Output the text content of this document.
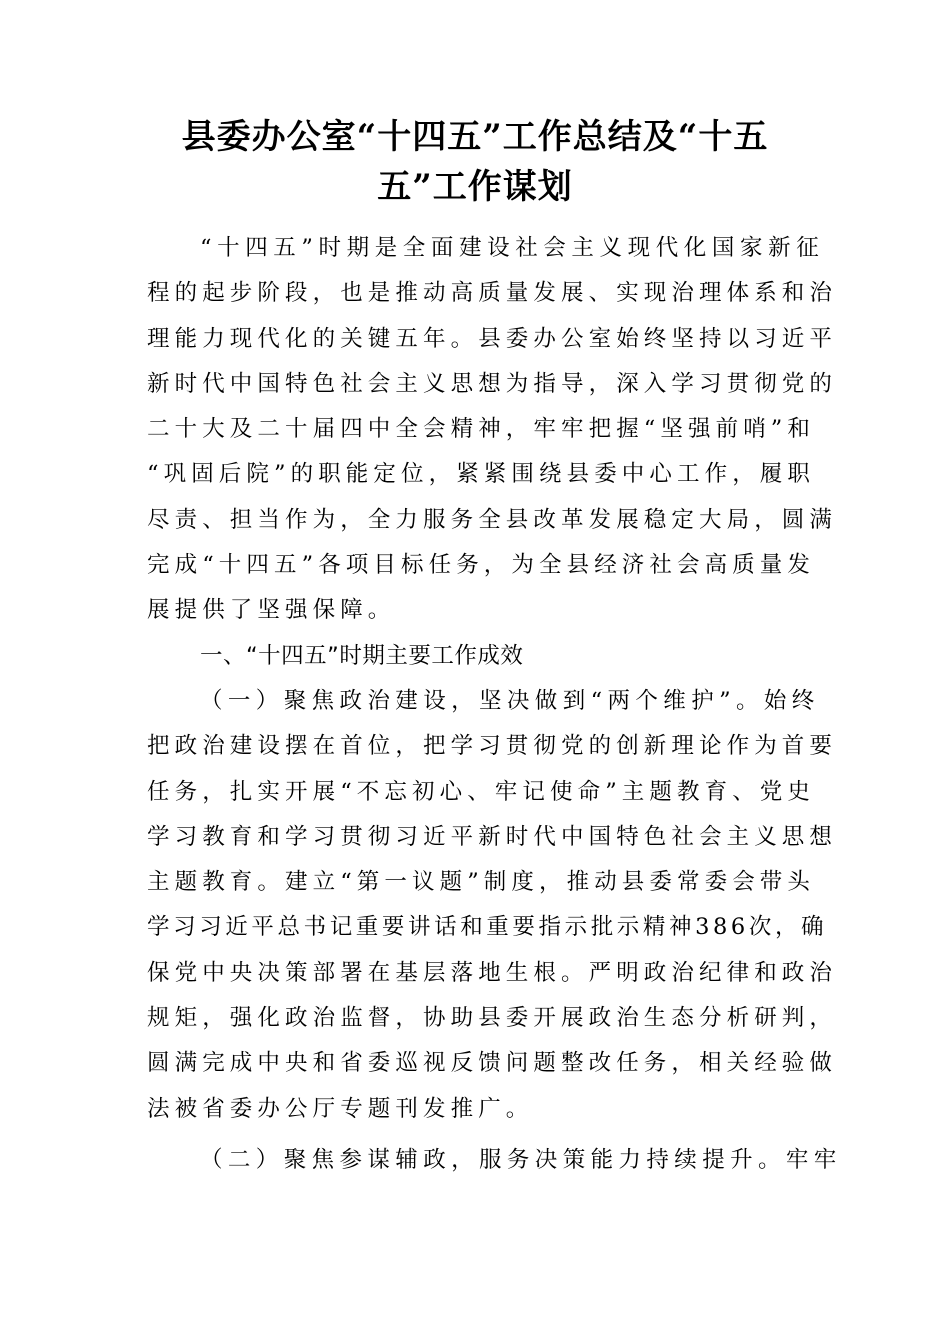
县委办公室“十四五”工作总结及“十五
五”工作谋划
“十四五”时期是全面建设社会主义现代化国家新征
程的起步阶段，也是推动高质量发展、实现治理体系和治
理能力现代化的关键五年。县委办公室始终坚持以习近平
新时代中国特色社会主义思想为指导，深入学习贯彻党的
二十大及二十届四中全会精神，牢牢把握“坚强前哨”和
“巩固后院”的职能定位，紧紧围绕县委中心工作，履职
尽责、担当作为，全力服务全县改革发展稳定大局，圆满
完成“十四五”各项目标任务，为全县经济社会高质量发
展提供了坚强保障。
一、“十四五”时期主要工作成效
（一）聚焦政治建设，坚决做到“两个维护”。始终
把政治建设摆在首位，把学习贯彻党的创新理论作为首要
任务，扎实开展“不忘初心、牢记使命”主题教育、党史
学习教育和学习贯彻习近平新时代中国特色社会主义思想
主题教育。建立“第一议题”制度，推动县委常委会带头
学习习近平总书记重要讲话和重要指示批示精神386次，确
保党中央决策部署在基层落地生根。严明政治纪律和政治
规矩，强化政治监督，协助县委开展政治生态分析研判，
圆满完成中央和省委巡视反馈问题整改任务，相关经验做
法被省委办公厅专题刊发推广。
（二）聚焦参谋辅政，服务决策能力持续提升。牢牢
